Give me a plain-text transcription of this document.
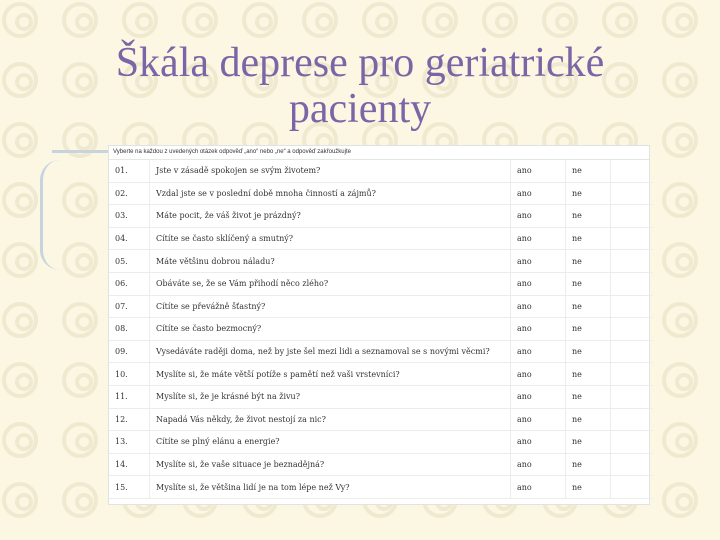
Škála deprese pro geriatrické pacienty
Vyberte na každou z uvedených otázek odpověď „ano“ nebo „ne“ a odpověď zakřoužkujte
01.	Jste v zásadě spokojen se svým životem?	ano	ne	
02.	Vzdal jste se v poslední době mnoha činností a zájmů?	ano	ne	
03.	Máte pocit, že váš život je prázdný?	ano	ne	
04.	Cítíte se často sklíčený a smutný?	ano	ne	
05.	Máte většinu dobrou náladu?	ano	ne	
06.	Obáváte se, že se Vám přihodí něco zlého?	ano	ne	
07.	Cítíte se převážně šťastný?	ano	ne	
08.	Cítíte se často bezmocný?	ano	ne	
09.	Vysedáváte raději doma, než by jste šel mezi lidi a seznamoval se s novými věcmi?	ano	ne	
10.	Myslíte si, že máte větší potíže s pamětí než vaši vrstevníci?	ano	ne	
11.	Myslíte si, že je krásné být na živu?	ano	ne	
12.	Napadá Vás někdy, že život nestojí za nic?	ano	ne	
13.	Cítíte se plný elánu a energie?	ano	ne	
14.	Myslíte si, že vaše situace je beznadějná?	ano	ne	
15.	Myslíte si, že většina lidí je na tom lépe než Vy?	ano	ne	
